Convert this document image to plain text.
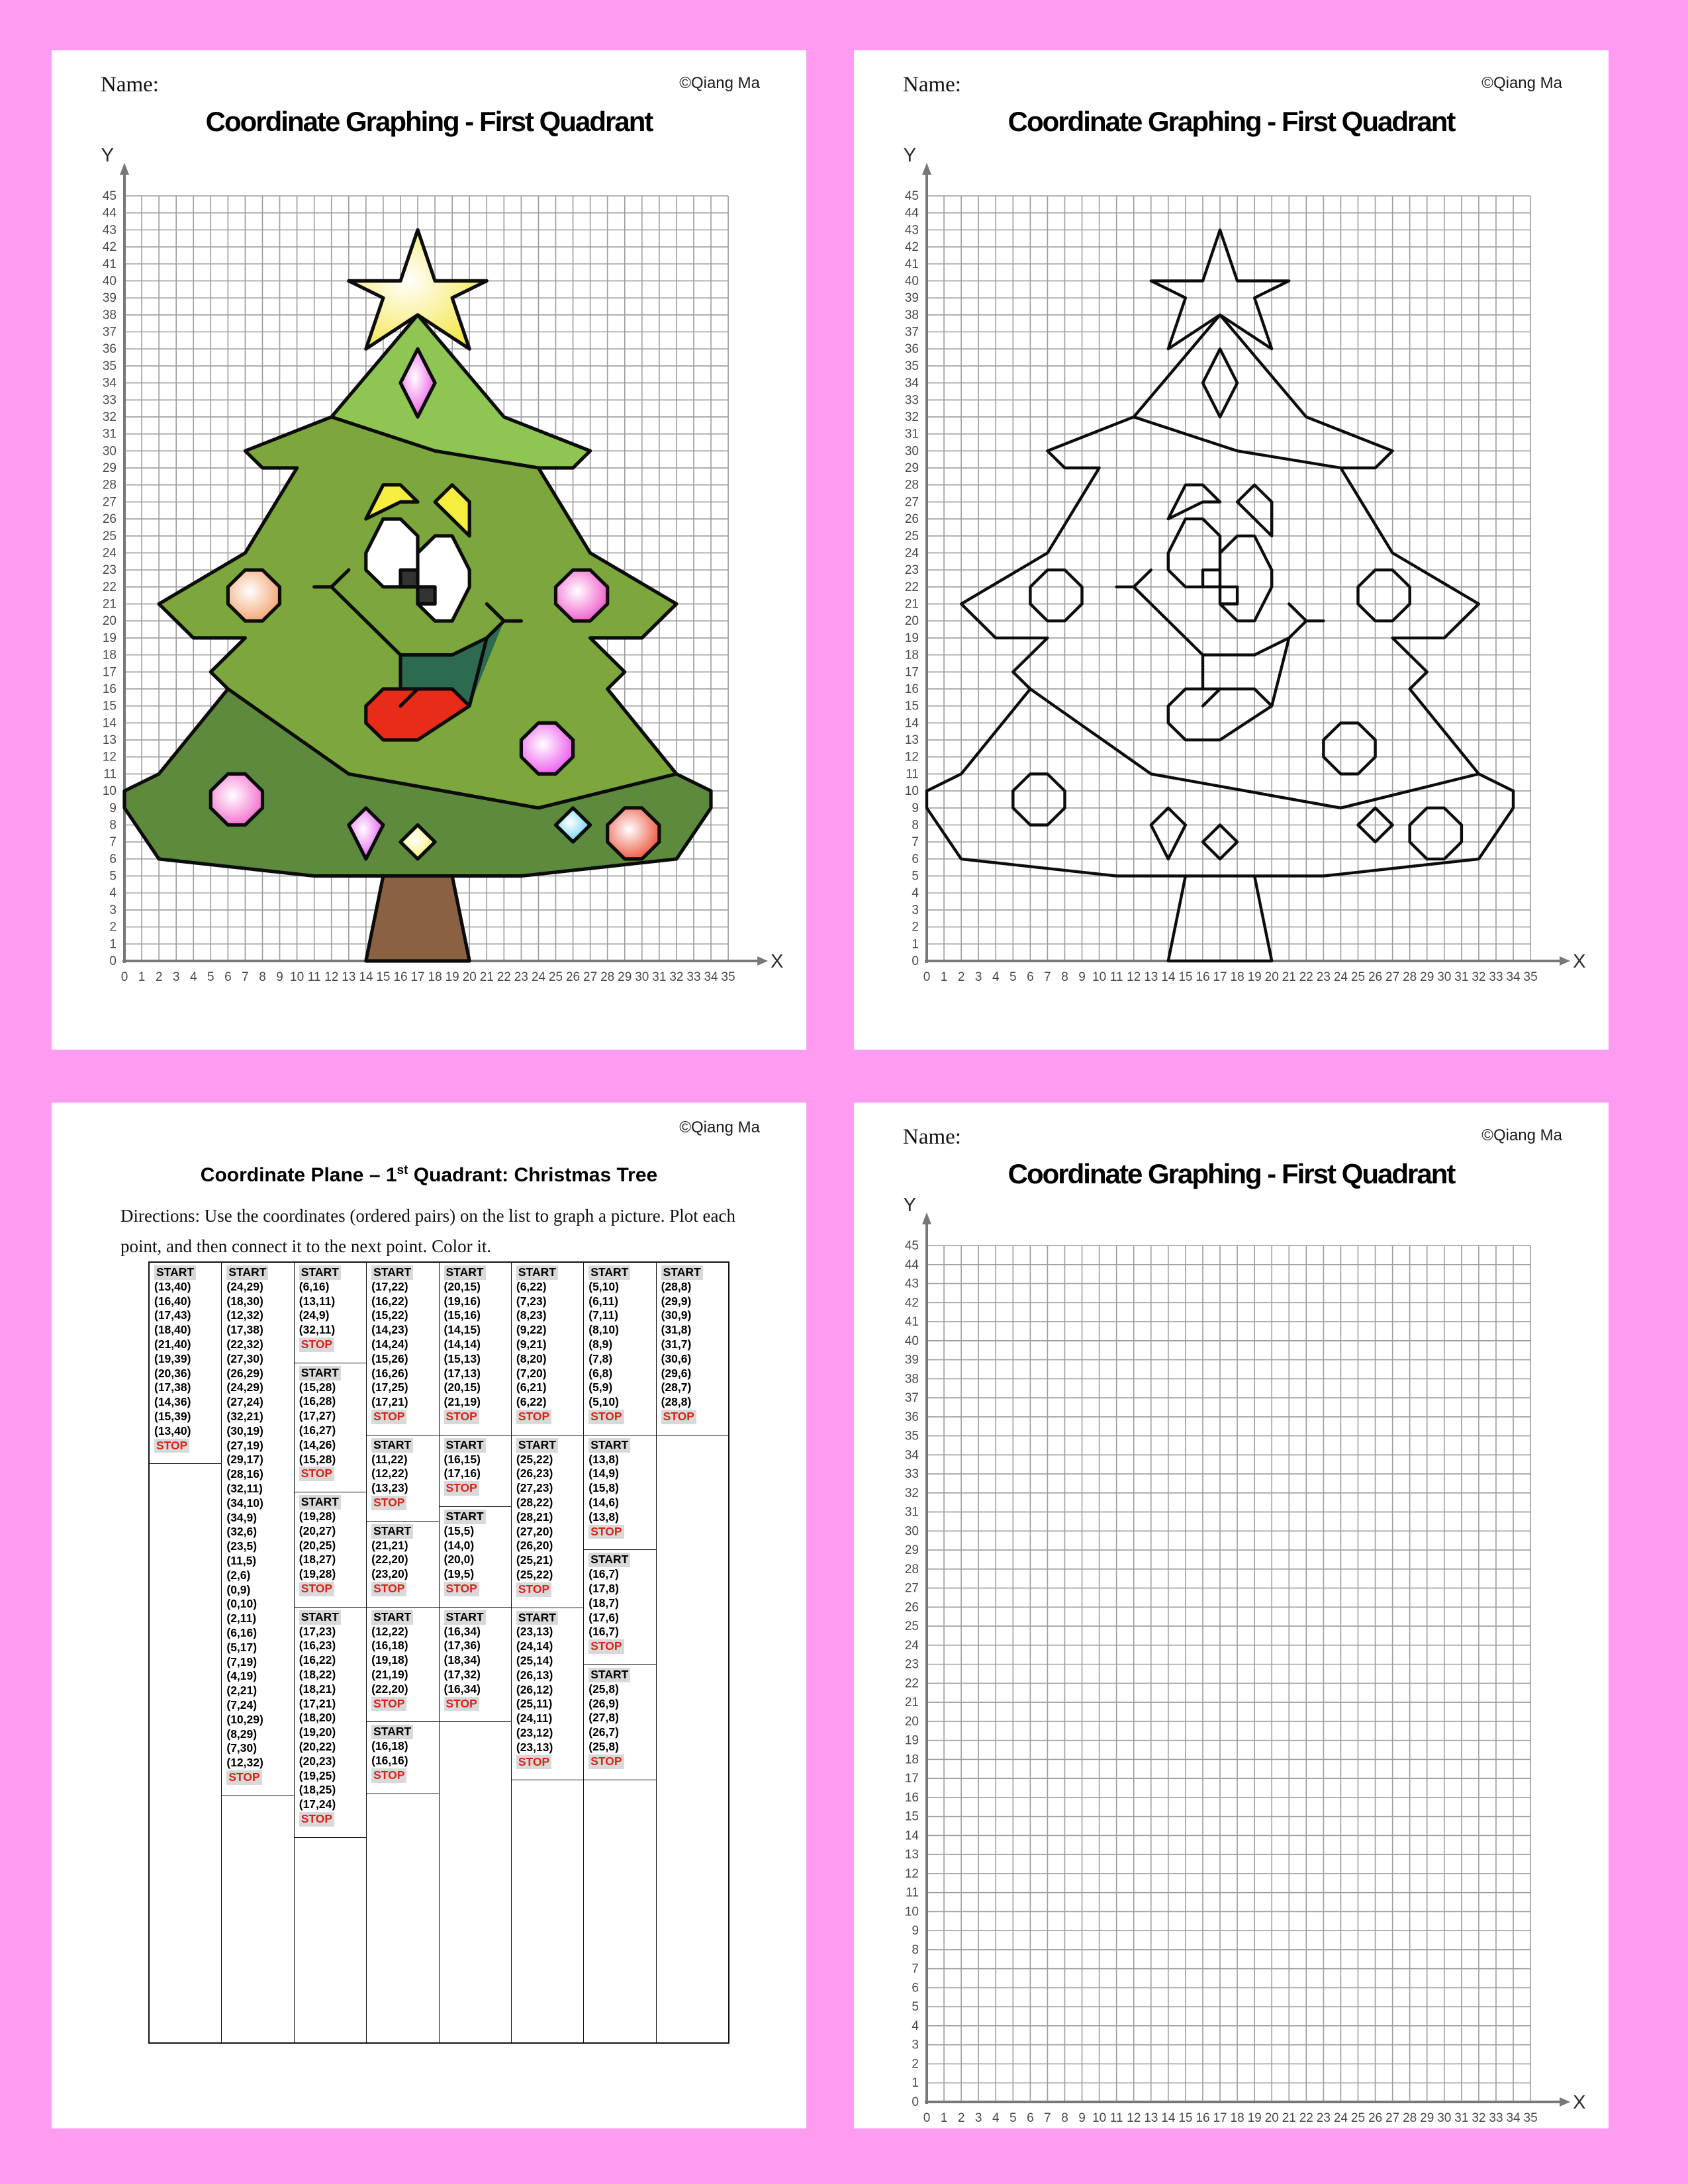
Name:	©Qiang Ma
Coordinate Graphing - First Quadrant
0
1
2
3
4
5
6
7
8
9
10
11
12
13
14
15
16
17
18
19
20
21
22
23
24
25
26
27
28
29
30
31
32
33
34
35
36
37
38
39
40
41
42
43
44
45
0 1 2 3 4 5 6 7 8 9 10 11 12 13 14 15 16 17 18 19 20 21 22 23 24 25 26 27 28 29 30 31 32 33 34 35
Y
X
Name:	©Qiang Ma
Coordinate Graphing - First Quadrant
0
1
2
3
4
5
6
7
8
9
10
11
12
13
14
15
16
17
18
19
20
21
22
23
24
25
26
27
28
29
30
31
32
33
34
35
36
37
38
39
40
41
42
43
44
45
0 1 2 3 4 5 6 7 8 9 10 11 12 13 14 15 16 17 18 19 20 21 22 23 24 25 26 27 28 29 30 31 32 33 34 35
Y
X
©Qiang Ma
Coordinate Plane – 1st Quadrant: Christmas Tree
Directions: Use the coordinates (ordered pairs) on the list to graph a picture. Plot each
point, and then connect it to the next point. Color it.
START
(13,40)
(16,40)
(17,43)
(18,40)
(21,40)
(19,39)
(20,36)
(17,38)
(14,36)
(15,39)
(13,40)
STOP
START
(24,29)
(18,30)
(12,32)
(17,38)
(22,32)
(27,30)
(26,29)
(24,29)
(27,24)
(32,21)
(30,19)
(27,19)
(29,17)
(28,16)
(32,11)
(34,10)
(34,9)
(32,6)
(23,5)
(11,5)
(2,6)
(0,9)
(0,10)
(2,11)
(6,16)
(5,17)
(7,19)
(4,19)
(2,21)
(7,24)
(10,29)
(8,29)
(7,30)
(12,32)
STOP
START
(6,16)
(13,11)
(24,9)
(32,11)
STOP
START
(15,28)
(16,28)
(17,27)
(16,27)
(14,26)
(15,28)
STOP
START
(19,28)
(20,27)
(20,25)
(18,27)
(19,28)
STOP
START
(17,23)
(16,23)
(16,22)
(18,22)
(18,21)
(17,21)
(18,20)
(19,20)
(20,22)
(20,23)
(19,25)
(18,25)
(17,24)
STOP
START
(17,22)
(16,22)
(15,22)
(14,23)
(14,24)
(15,26)
(16,26)
(17,25)
(17,21)
STOP
START
(11,22)
(12,22)
(13,23)
STOP
START
(21,21)
(22,20)
(23,20)
STOP
START
(12,22)
(16,18)
(19,18)
(21,19)
(22,20)
STOP
START
(16,18)
(16,16)
STOP
START
(20,15)
(19,16)
(15,16)
(14,15)
(14,14)
(15,13)
(17,13)
(20,15)
(21,19)
STOP
START
(16,15)
(17,16)
STOP
START
(15,5)
(14,0)
(20,0)
(19,5)
STOP
START
(16,34)
(17,36)
(18,34)
(17,32)
(16,34)
STOP
START
(6,22)
(7,23)
(8,23)
(9,22)
(9,21)
(8,20)
(7,20)
(6,21)
(6,22)
STOP
START
(25,22)
(26,23)
(27,23)
(28,22)
(28,21)
(27,20)
(26,20)
(25,21)
(25,22)
STOP
START
(23,13)
(24,14)
(25,14)
(26,13)
(26,12)
(25,11)
(24,11)
(23,12)
(23,13)
STOP
START
(5,10)
(6,11)
(7,11)
(8,10)
(8,9)
(7,8)
(6,8)
(5,9)
(5,10)
STOP
START
(13,8)
(14,9)
(15,8)
(14,6)
(13,8)
STOP
START
(16,7)
(17,8)
(18,7)
(17,6)
(16,7)
STOP
START
(25,8)
(26,9)
(27,8)
(26,7)
(25,8)
STOP
START
(28,8)
(29,9)
(30,9)
(31,8)
(31,7)
(30,6)
(29,6)
(28,7)
(28,8)
STOP
Name:	©Qiang Ma
Coordinate Graphing - First Quadrant
0
1
2
3
4
5
6
7
8
9
10
11
12
13
14
15
16
17
18
19
20
21
22
23
24
25
26
27
28
29
30
31
32
33
34
35
36
37
38
39
40
41
42
43
44
45
0 1 2 3 4 5 6 7 8 9 10 11 12 13 14 15 16 17 18 19 20 21 22 23 24 25 26 27 28 29 30 31 32 33 34 35
Y
X
